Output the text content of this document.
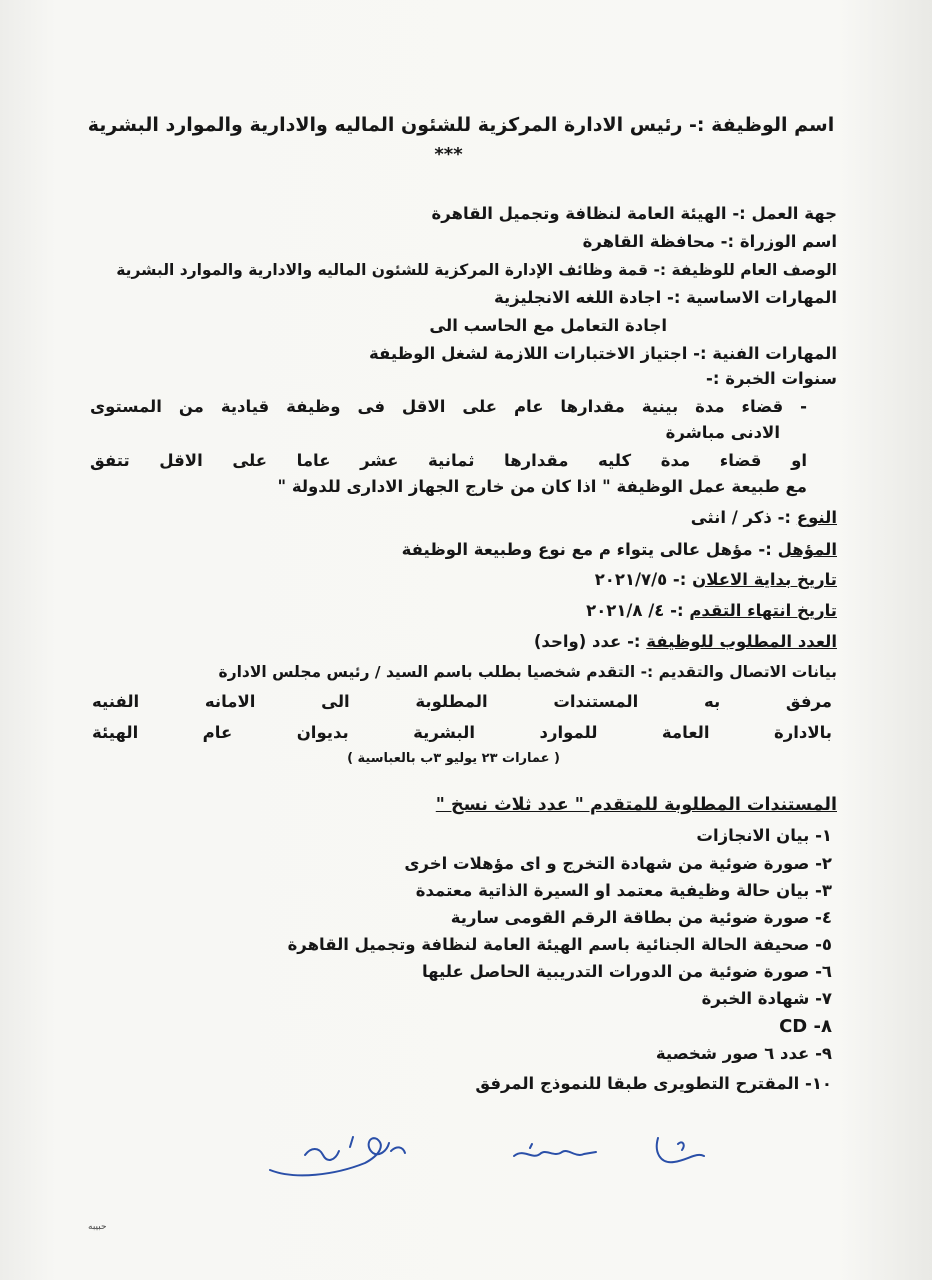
اسم الوظيفة :- رئيس الادارة المركزية للشئون الماليه والادارية والموارد البشرية
***
جهة العمل :- الهيئة العامة لنظافة وتجميل القاهرة
اسم الوزراة :- محافظة القاهرة
الوصف العام للوظيفة :- قمة وظائف الإدارة المركزية للشئون الماليه والادارية والموارد البشرية
المهارات الاساسية :- اجادة اللغه الانجليزية
اجادة التعامل مع الحاسب الى
المهارات الفنية :- اجتياز الاختبارات اللازمة لشغل الوظيفة
سنوات الخبرة :-
- قضاء مدة بينية مقدارها عام على الاقل فى وظيفة قيادية من المستوى
الادنى مباشرة
او قضاء مدة كليه مقدارها ثمانية عشر عاما على الاقل تتفق
مع طبيعة عمل الوظيفة " اذا كان من خارج الجهاز الادارى للدولة "
النوع :- ذكر / انثى
المؤهل :- مؤهل عالى يتواء م مع نوع وطبيعة الوظيفة
تاريخ بداية الاعلان :- ٢٠٢١/٧/٥
تاريخ انتهاء التقدم :- ٤/ ٢٠٢١/٨
العدد المطلوب للوظيفة :- عدد (واحد)
بيانات الاتصال والتقديم :- التقدم شخصيا بطلب باسم السيد / رئيس مجلس الادارة
مرفق به المستندات المطلوبة الى الامانه الفنيه
بالادارة العامة للموارد البشرية بديوان عام الهيئة
( عمارات ٢٣ يوليو ٣ب بالعباسية )
المستندات المطلوبة للمتقدم " عدد ثلاث نسخ "
١- بيان الانجازات
٢- صورة ضوئية من شهادة التخرج و اى مؤهلات اخرى
٣- بيان حالة وظيفية معتمد او السيرة الذاتية معتمدة
٤- صورة ضوئية من بطاقة الرقم القومى سارية
٥- صحيفة الحالة الجنائية باسم الهيئة العامة لنظافة وتجميل القاهرة
٦- صورة ضوئية من الدورات التدريبية الحاصل عليها
٧- شهادة الخبرة
٨- CD
٩- عدد ٦ صور شخصية
١٠- المقترح التطويرى طبقا للنموذج المرفق
حبيبه
